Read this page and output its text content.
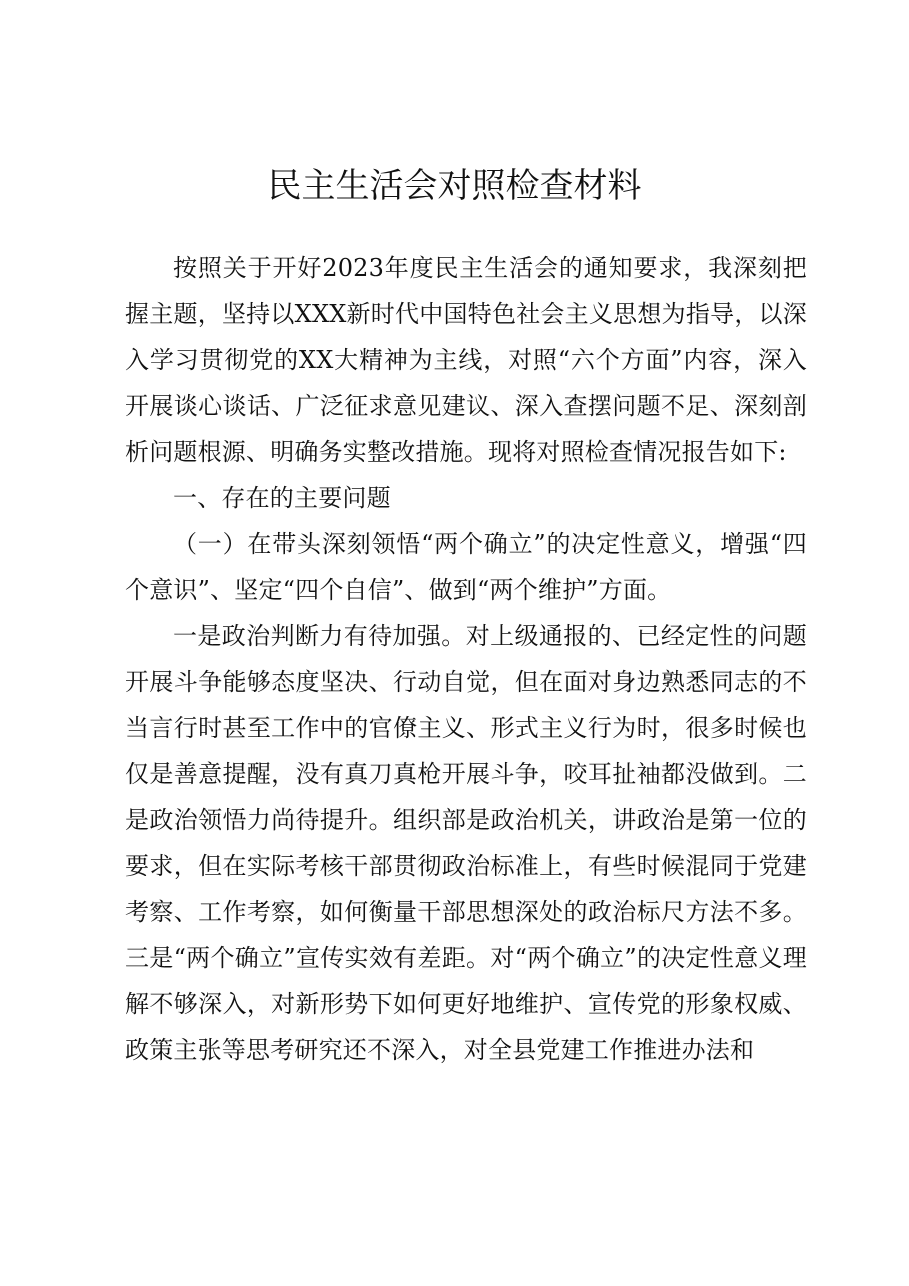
民主生活会对照检查材料

按照关于开好2023年度民主生活会的通知要求，我深刻把握主题，坚持以XXX新时代中国特色社会主义思想为指导，以深入学习贯彻党的XX大精神为主线，对照“六个方面”内容，深入开展谈心谈话、广泛征求意见建议、深入查摆问题不足、深刻剖析问题根源、明确务实整改措施。现将对照检查情况报告如下:

一、存在的主要问题

（一）在带头深刻领悟“两个确立”的决定性意义，增强“四个意识”、坚定“四个自信”、做到“两个维护”方面。

一是政治判断力有待加强。对上级通报的、已经定性的问题开展斗争能够态度坚决、行动自觉，但在面对身边熟悉同志的不当言行时甚至工作中的官僚主义、形式主义行为时，很多时候也仅是善意提醒，没有真刀真枪开展斗争，咬耳扯袖都没做到。二是政治领悟力尚待提升。组织部是政治机关，讲政治是第一位的要求，但在实际考核干部贯彻政治标准上，有些时候混同于党建考察、工作考察，如何衡量干部思想深处的政治标尺方法不多。三是“两个确立”宣传实效有差距。对“两个确立”的决定性意义理解不够深入，对新形势下如何更好地维护、宣传党的形象权威、政策主张等思考研究还不深入，对全县党建工作推进办法和
